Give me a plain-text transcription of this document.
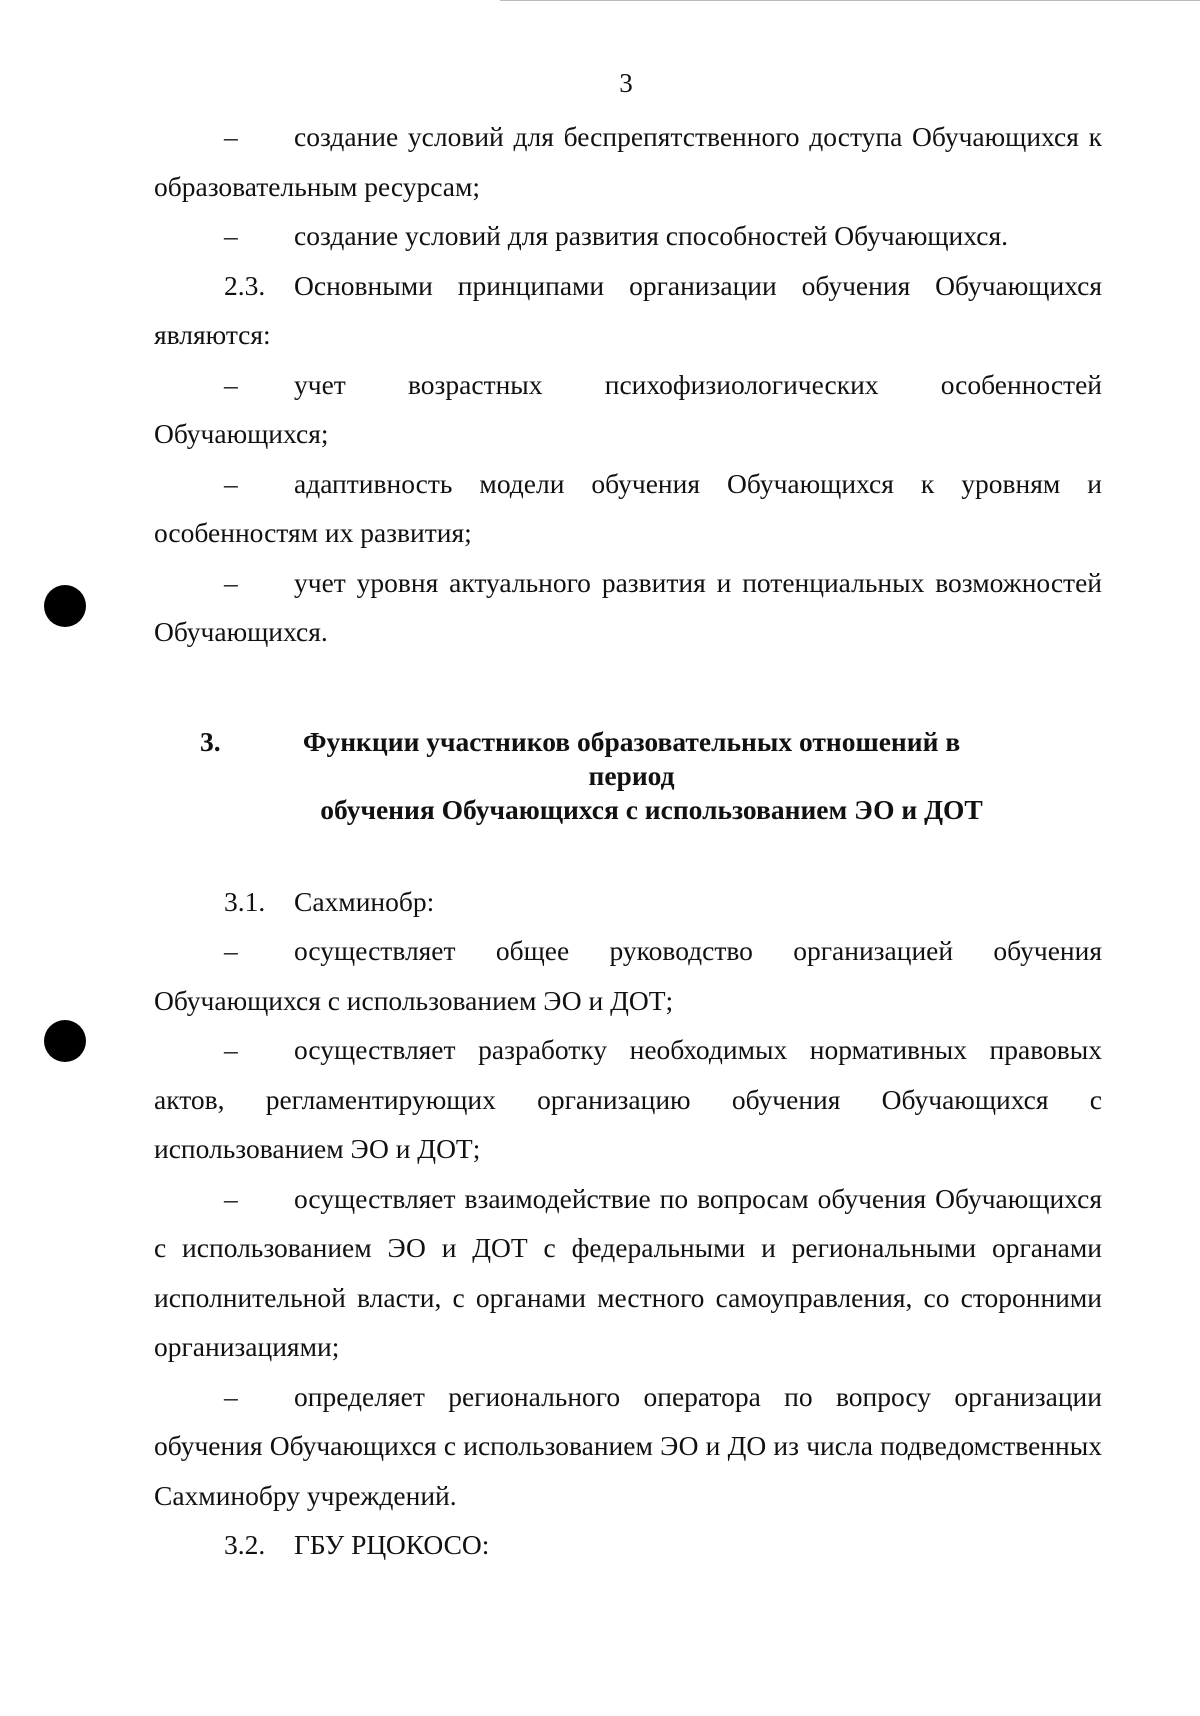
3

– создание условий для беспрепятственного доступа Обучающихся к образовательным ресурсам;

– создание условий для развития способностей Обучающихся.

2.3. Основными принципами организации обучения Обучающихся являются:

– учет возрастных психофизиологических особенностей Обучающихся;

– адаптивность модели обучения Обучающихся к уровням и особенностям их развития;

– учет уровня актуального развития и потенциальных возможностей Обучающихся.

3.	Функции участников образовательных отношений в период
обучения Обучающихся с использованием ЭО и ДОТ

3.1. Сахминобр:

– осуществляет общее руководство организацией обучения Обучающихся с использованием ЭО и ДОТ;

– осуществляет разработку необходимых нормативных правовых актов, регламентирующих организацию обучения Обучающихся с использованием ЭО и ДОТ;

– осуществляет взаимодействие по вопросам обучения Обучающихся с использованием ЭО и ДОТ с федеральными и региональными органами исполнительной власти, с органами местного самоуправления, со сторонними организациями;

– определяет регионального оператора по вопросу организации обучения Обучающихся с использованием ЭО и ДО из числа подведомственных Сахминобру учреждений.

3.2. ГБУ РЦОКОСО:
